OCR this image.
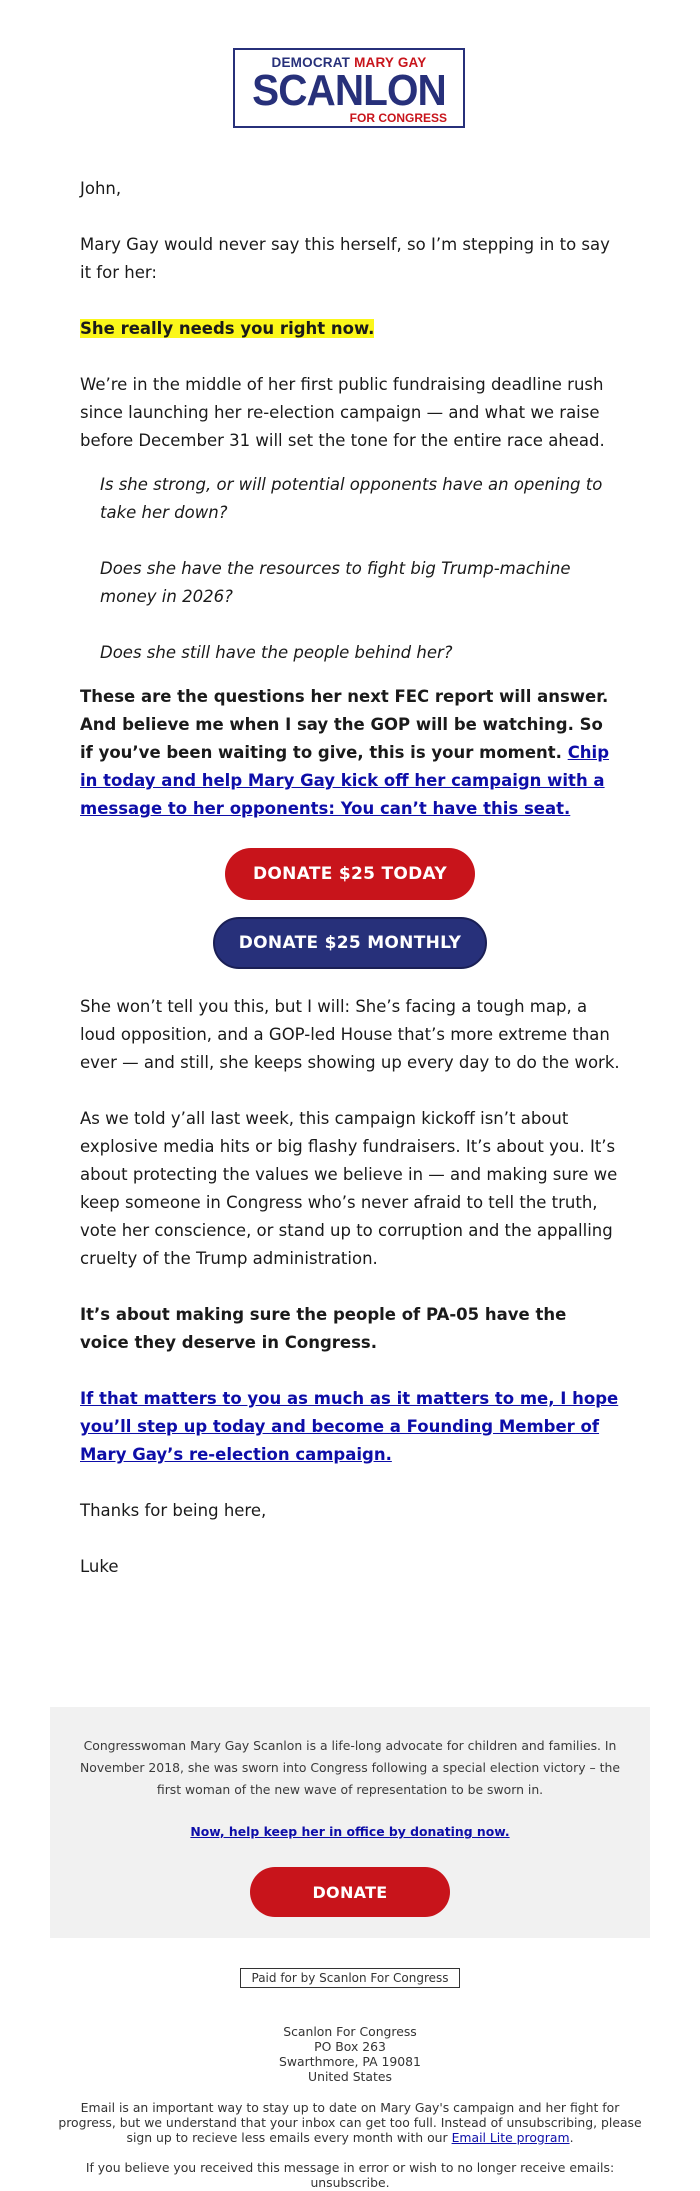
DEMOCRAT MARY GAY
SCANLON
FOR CONGRESS

John,

Mary Gay would never say this herself, so I’m stepping in to say it for her:

She really needs you right now.

We’re in the middle of her first public fundraising deadline rush since launching her re-election campaign — and what we raise before December 31 will set the tone for the entire race ahead.

Is she strong, or will potential opponents have an opening to take her down?

Does she have the resources to fight big Trump-machine money in 2026?

Does she still have the people behind her?

These are the questions her next FEC report will answer. And believe me when I say the GOP will be watching. So if you’ve been waiting to give, this is your moment. Chip in today and help Mary Gay kick off her campaign with a message to her opponents: You can’t have this seat.

DONATE $25 TODAY
DONATE $25 MONTHLY

She won’t tell you this, but I will: She’s facing a tough map, a loud opposition, and a GOP-led House that’s more extreme than ever — and still, she keeps showing up every day to do the work.

As we told y’all last week, this campaign kickoff isn’t about explosive media hits or big flashy fundraisers. It’s about you. It’s about protecting the values we believe in — and making sure we keep someone in Congress who’s never afraid to tell the truth, vote her conscience, or stand up to corruption and the appalling cruelty of the Trump administration.

It’s about making sure the people of PA-05 have the voice they deserve in Congress.

If that matters to you as much as it matters to me, I hope you’ll step up today and become a Founding Member of Mary Gay’s re-election campaign.

Thanks for being here,

Luke

Congresswoman Mary Gay Scanlon is a life-long advocate for children and families. In November 2018, she was sworn into Congress following a special election victory – the first woman of the new wave of representation to be sworn in.

Now, help keep her in office by donating now.
DONATE
Paid for by Scanlon For Congress
Scanlon For Congress
PO Box 263
Swarthmore, PA 19081
United States

Email is an important way to stay up to date on Mary Gay's campaign and her fight for progress, but we understand that your inbox can get too full. Instead of unsubscribing, please sign up to recieve less emails every month with our Email Lite program.

If you believe you received this message in error or wish to no longer receive emails:
unsubscribe.
